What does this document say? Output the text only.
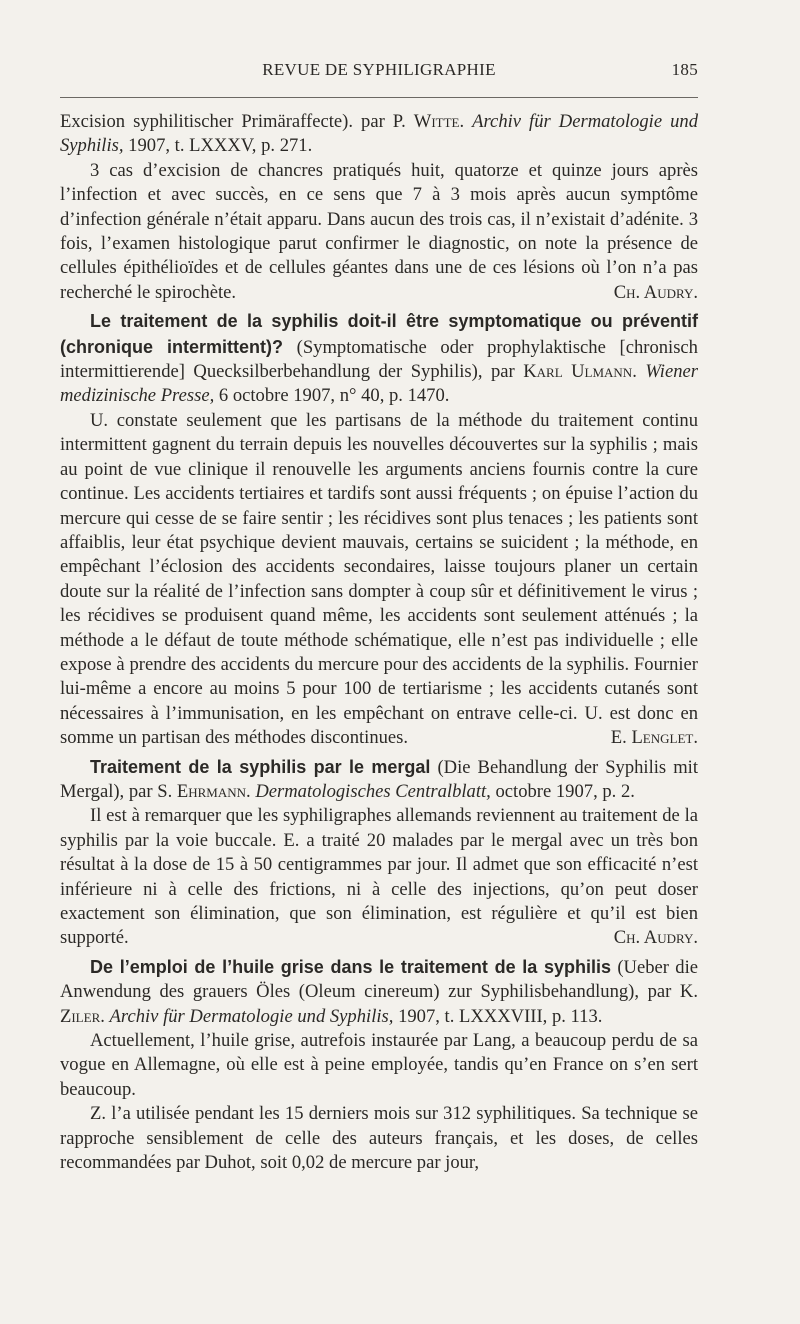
REVUE DE SYPHILIGRAPHIE	185

Excision syphilitischer Primäraffecte). par P. Witte. Archiv für Dermatologie und Syphilis, 1907, t. LXXXV, p. 271.

3 cas d’excision de chancres pratiqués huit, quatorze et quinze jours après l’infection et avec succès, en ce sens que 7 à 3 mois après aucun symptôme d’infection générale n’était apparu. Dans aucun des trois cas, il n’existait d’adénite. 3 fois, l’examen histologique parut confirmer le diagnostic, on note la présence de cellules épithélioïdes et de cellules géantes dans une de ces lésions où l’on n’a pas recherché le spirochète.	Ch. Audry.

Le traitement de la syphilis doit-il être symptomatique ou préventif (chronique intermittent)? (Symptomatische oder prophylaktische [chronisch intermittierende] Quecksilberbehandlung der Syphilis), par Karl Ulmann. Wiener medizinische Presse, 6 octobre 1907, n° 40, p. 1470.

U. constate seulement que les partisans de la méthode du traitement continu intermittent gagnent du terrain depuis les nouvelles découvertes sur la syphilis ; mais au point de vue clinique il renouvelle les arguments anciens fournis contre la cure continue. Les accidents tertiaires et tardifs sont aussi fréquents ; on épuise l’action du mercure qui cesse de se faire sentir ; les récidives sont plus tenaces ; les patients sont affaiblis, leur état psychique devient mauvais, certains se suicident ; la méthode, en empêchant l’éclosion des accidents secondaires, laisse toujours planer un certain doute sur la réalité de l’infection sans dompter à coup sûr et définitivement le virus ; les récidives se produisent quand même, les accidents sont seulement atténués ; la méthode a le défaut de toute méthode schématique, elle n’est pas individuelle ; elle expose à prendre des accidents du mercure pour des accidents de la syphilis. Fournier lui-même a encore au moins 5 pour 100 de tertiarisme ; les accidents cutanés sont nécessaires à l’immunisation, en les empêchant on entrave celle-ci. U. est donc en somme un partisan des méthodes discontinues.	E. Lenglet.

Traitement de la syphilis par le mergal (Die Behandlung der Syphilis mit Mergal), par S. Ehrmann. Dermatologisches Centralblatt, octobre 1907, p. 2.

Il est à remarquer que les syphiligraphes allemands reviennent au traitement de la syphilis par la voie buccale. E. a traité 20 malades par le mergal avec un très bon résultat à la dose de 15 à 50 centigrammes par jour. Il admet que son efficacité n’est inférieure ni à celle des frictions, ni à celle des injections, qu’on peut doser exactement son élimination, que son élimination, est régulière et qu’il est bien supporté.	Ch. Audry.

De l’emploi de l’huile grise dans le traitement de la syphilis (Ueber die Anwendung des grauers Öles (Oleum cinereum) zur Syphilisbehandlung), par K. Ziler. Archiv für Dermatologie und Syphilis, 1907, t. LXXXVIII, p. 113.

Actuellement, l’huile grise, autrefois instaurée par Lang, a beaucoup perdu de sa vogue en Allemagne, où elle est à peine employée, tandis qu’en France on s’en sert beaucoup.

Z. l’a utilisée pendant les 15 derniers mois sur 312 syphilitiques. Sa technique se rapproche sensiblement de celle des auteurs français, et les doses, de celles recommandées par Duhot, soit 0,02 de mercure par jour,
